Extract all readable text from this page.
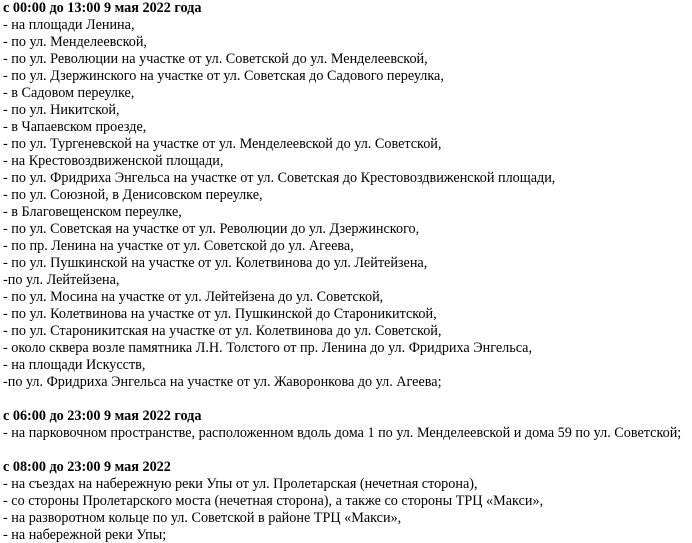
с 00:00 до 13:00 9 мая 2022 года
- на площади Ленина,
- по ул. Менделеевской,
- по ул. Революции на участке от ул. Советской до ул. Менделеевской,
- по ул. Дзержинского на участке от ул. Советская до Садового переулка,
- в Садовом переулке,
- по ул. Никитской,
- в Чапаевском проезде,
- по ул. Тургеневской на участке от ул. Менделеевской до ул. Советской,
- на Крестовоздвиженской площади,
- по ул. Фридриха Энгельса на участке от ул. Советская до Крестовоздвиженской площади,
- по ул. Союзной, в Денисовском переулке,
- в Благовещенском переулке,
- по ул. Советская на участке от ул. Революции до ул. Дзержинского,
- по пр. Ленина на участке от ул. Советской до ул. Агеева,
- по ул. Пушкинской на участке от ул. Колетвинова до ул. Лейтейзена,
-по ул. Лейтейзена,
- по ул. Мосина на участке от ул. Лейтейзена до ул. Советской,
- по ул. Колетвинова на участке от ул. Пушкинской до Староникитской,
- по ул. Староникитская на участке от ул. Колетвинова до ул. Советской,
- около сквера возле памятника Л.Н. Толстого от пр. Ленина до ул. Фридриха Энгельса,
- на площади Искусств,
-по ул. Фридриха Энгельса на участке от ул. Жаворонкова до ул. Агеева;
с 06:00 до 23:00 9 мая 2022 года
- на парковочном пространстве, расположенном вдоль дома 1 по ул. Менделеевской и дома 59 по ул. Советской;
с 08:00 до 23:00 9 мая 2022
- на съездах на набережную реки Упы от ул. Пролетарская (нечетная сторона),
- со стороны Пролетарского моста (нечетная сторона), а также со стороны ТРЦ «Макси»,
- на разворотном кольце по ул. Советской в районе ТРЦ «Макси»,
- на набережной реки Упы;
